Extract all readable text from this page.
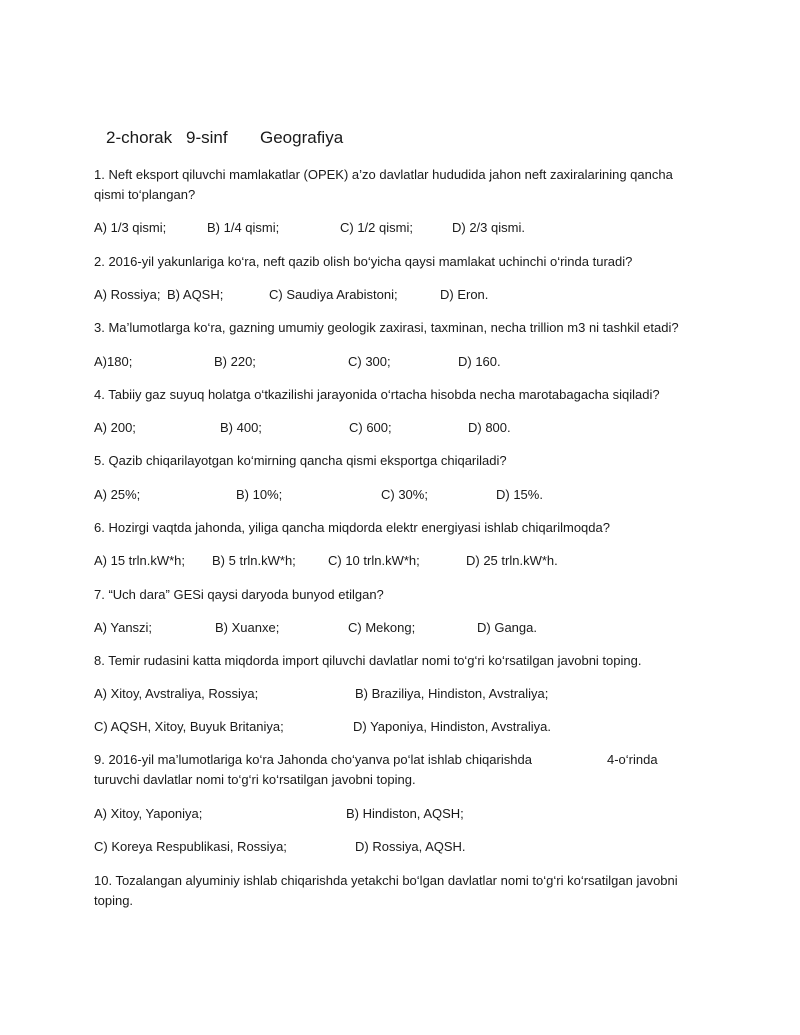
2-chorak 9-sinf Geografiya
1. Neft eksport qiluvchi mamlakatlar (OPEK) a’zo davlatlar hududida jahon neft zaxiralarining qancha qismi to‘plangan?
A) 1/3 qismi;	B) 1/4 qismi;	C) 1/2 qismi;	D) 2/3 qismi.
2. 2016-yil yakunlariga ko‘ra, neft qazib olish bo‘yicha qaysi mamlakat uchinchi o‘rinda turadi?
A) Rossiya; B) AQSH;	C) Saudiya Arabistoni;	D) Eron.
3. Ma’lumotlarga ko‘ra, gazning umumiy geologik zaxirasi, taxminan, necha trillion m3 ni tashkil etadi?
A)180;	B) 220;	C) 300;	D) 160.
4. Tabiiy gaz suyuq holatga o‘tkazilishi jarayonida o‘rtacha hisobda necha marotabagacha siqiladi?
A) 200;	B) 400;	C) 600;	D) 800.
5. Qazib chiqarilayotgan ko‘mirning qancha qismi eksportga chiqariladi?
A) 25%;	B) 10%;	C) 30%;	D) 15%.
6. Hozirgi vaqtda jahonda, yiliga qancha miqdorda elektr energiyasi ishlab chiqarilmoqda?
A) 15 trln.kW*h; B) 5 trln.kW*h; C) 10 trln.kW*h;	D) 25 trln.kW*h.
7. “Uch dara” GESi qaysi daryoda bunyod etilgan?
A) Yanszi;	B) Xuanxe;	C) Mekong;	D) Ganga.
8. Temir rudasini katta miqdorda import qiluvchi davlatlar nomi to‘g‘ri ko‘rsatilgan javobni toping.
A) Xitoy, Avstraliya, Rossiya;	B) Braziliya, Hindiston, Avstraliya;
C) AQSH, Xitoy, Buyuk Britaniya;	D) Yaponiya, Hindiston, Avstraliya.
9. 2016-yil ma’lumotlariga ko‘ra Jahonda cho‘yanva po‘lat ishlab chiqarishda	4-o‘rinda
turuvchi davlatlar nomi to‘g‘ri ko‘rsatilgan javobni toping.
A) Xitoy, Yaponiya;	B) Hindiston, AQSH;
C) Koreya Respublikasi, Rossiya;	D) Rossiya, AQSH.
10. Tozalangan alyuminiy ishlab chiqarishda yetakchi bo‘lgan davlatlar nomi to‘g‘ri ko‘rsatilgan javobni toping.
